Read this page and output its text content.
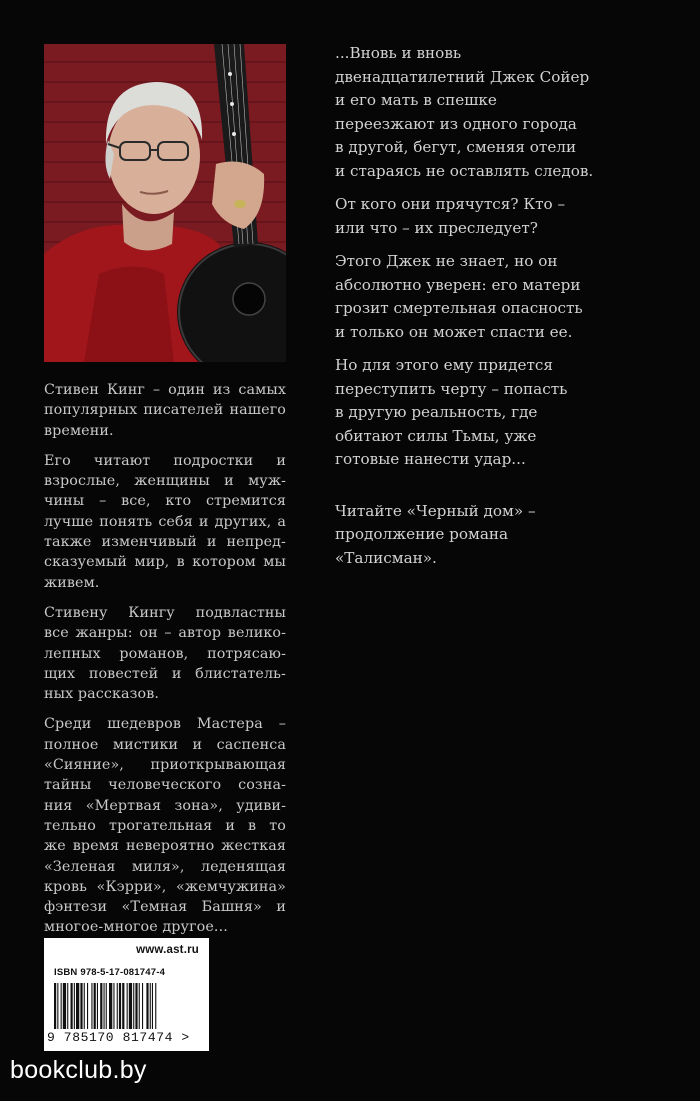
Стивен Кинг – один из самых
популярных писателей нашего
времени.

Его читают подростки и
взрослые, женщины и муж-
чины – все, кто стремится
лучше понять себя и других, а
также изменчивый и непред-
сказуемый мир, в котором мы
живем.

Стивену Кингу подвластны
все жанры: он – автор велико-
лепных романов, потрясаю-
щих повестей и блистатель-
ных рассказов.

Среди шедевров Мастера –
полное мистики и саспенса
«Сияние», приоткрывающая
тайны человеческого созна-
ния «Мертвая зона», удиви-
тельно трогательная и в то
же время невероятно жесткая
«Зеленая миля», леденящая
кровь «Кэрри», «жемчужина»
фэнтези «Темная Башня» и
многое-многое другое...

...Вновь и вновь
двенадцатилетний Джек Сойер
и его мать в спешке
переезжают из одного города
в другой, бегут, сменяя отели
и стараясь не оставлять следов.

От кого они прячутся? Кто –
или что – их преследует?

Этого Джек не знает, но он
абсолютно уверен: его матери
грозит смертельная опасность
и только он может спасти ее.

Но для этого ему придется
переступить черту – попасть
в другую реальность, где
обитают силы Тьмы, уже
готовые нанести удар...

Читайте «Черный дом» –
продолжение романа
«Талисман».

www.ast.ru
ISBN 978-5-17-081747-4
9 785170 817474 >
bookclub.by
